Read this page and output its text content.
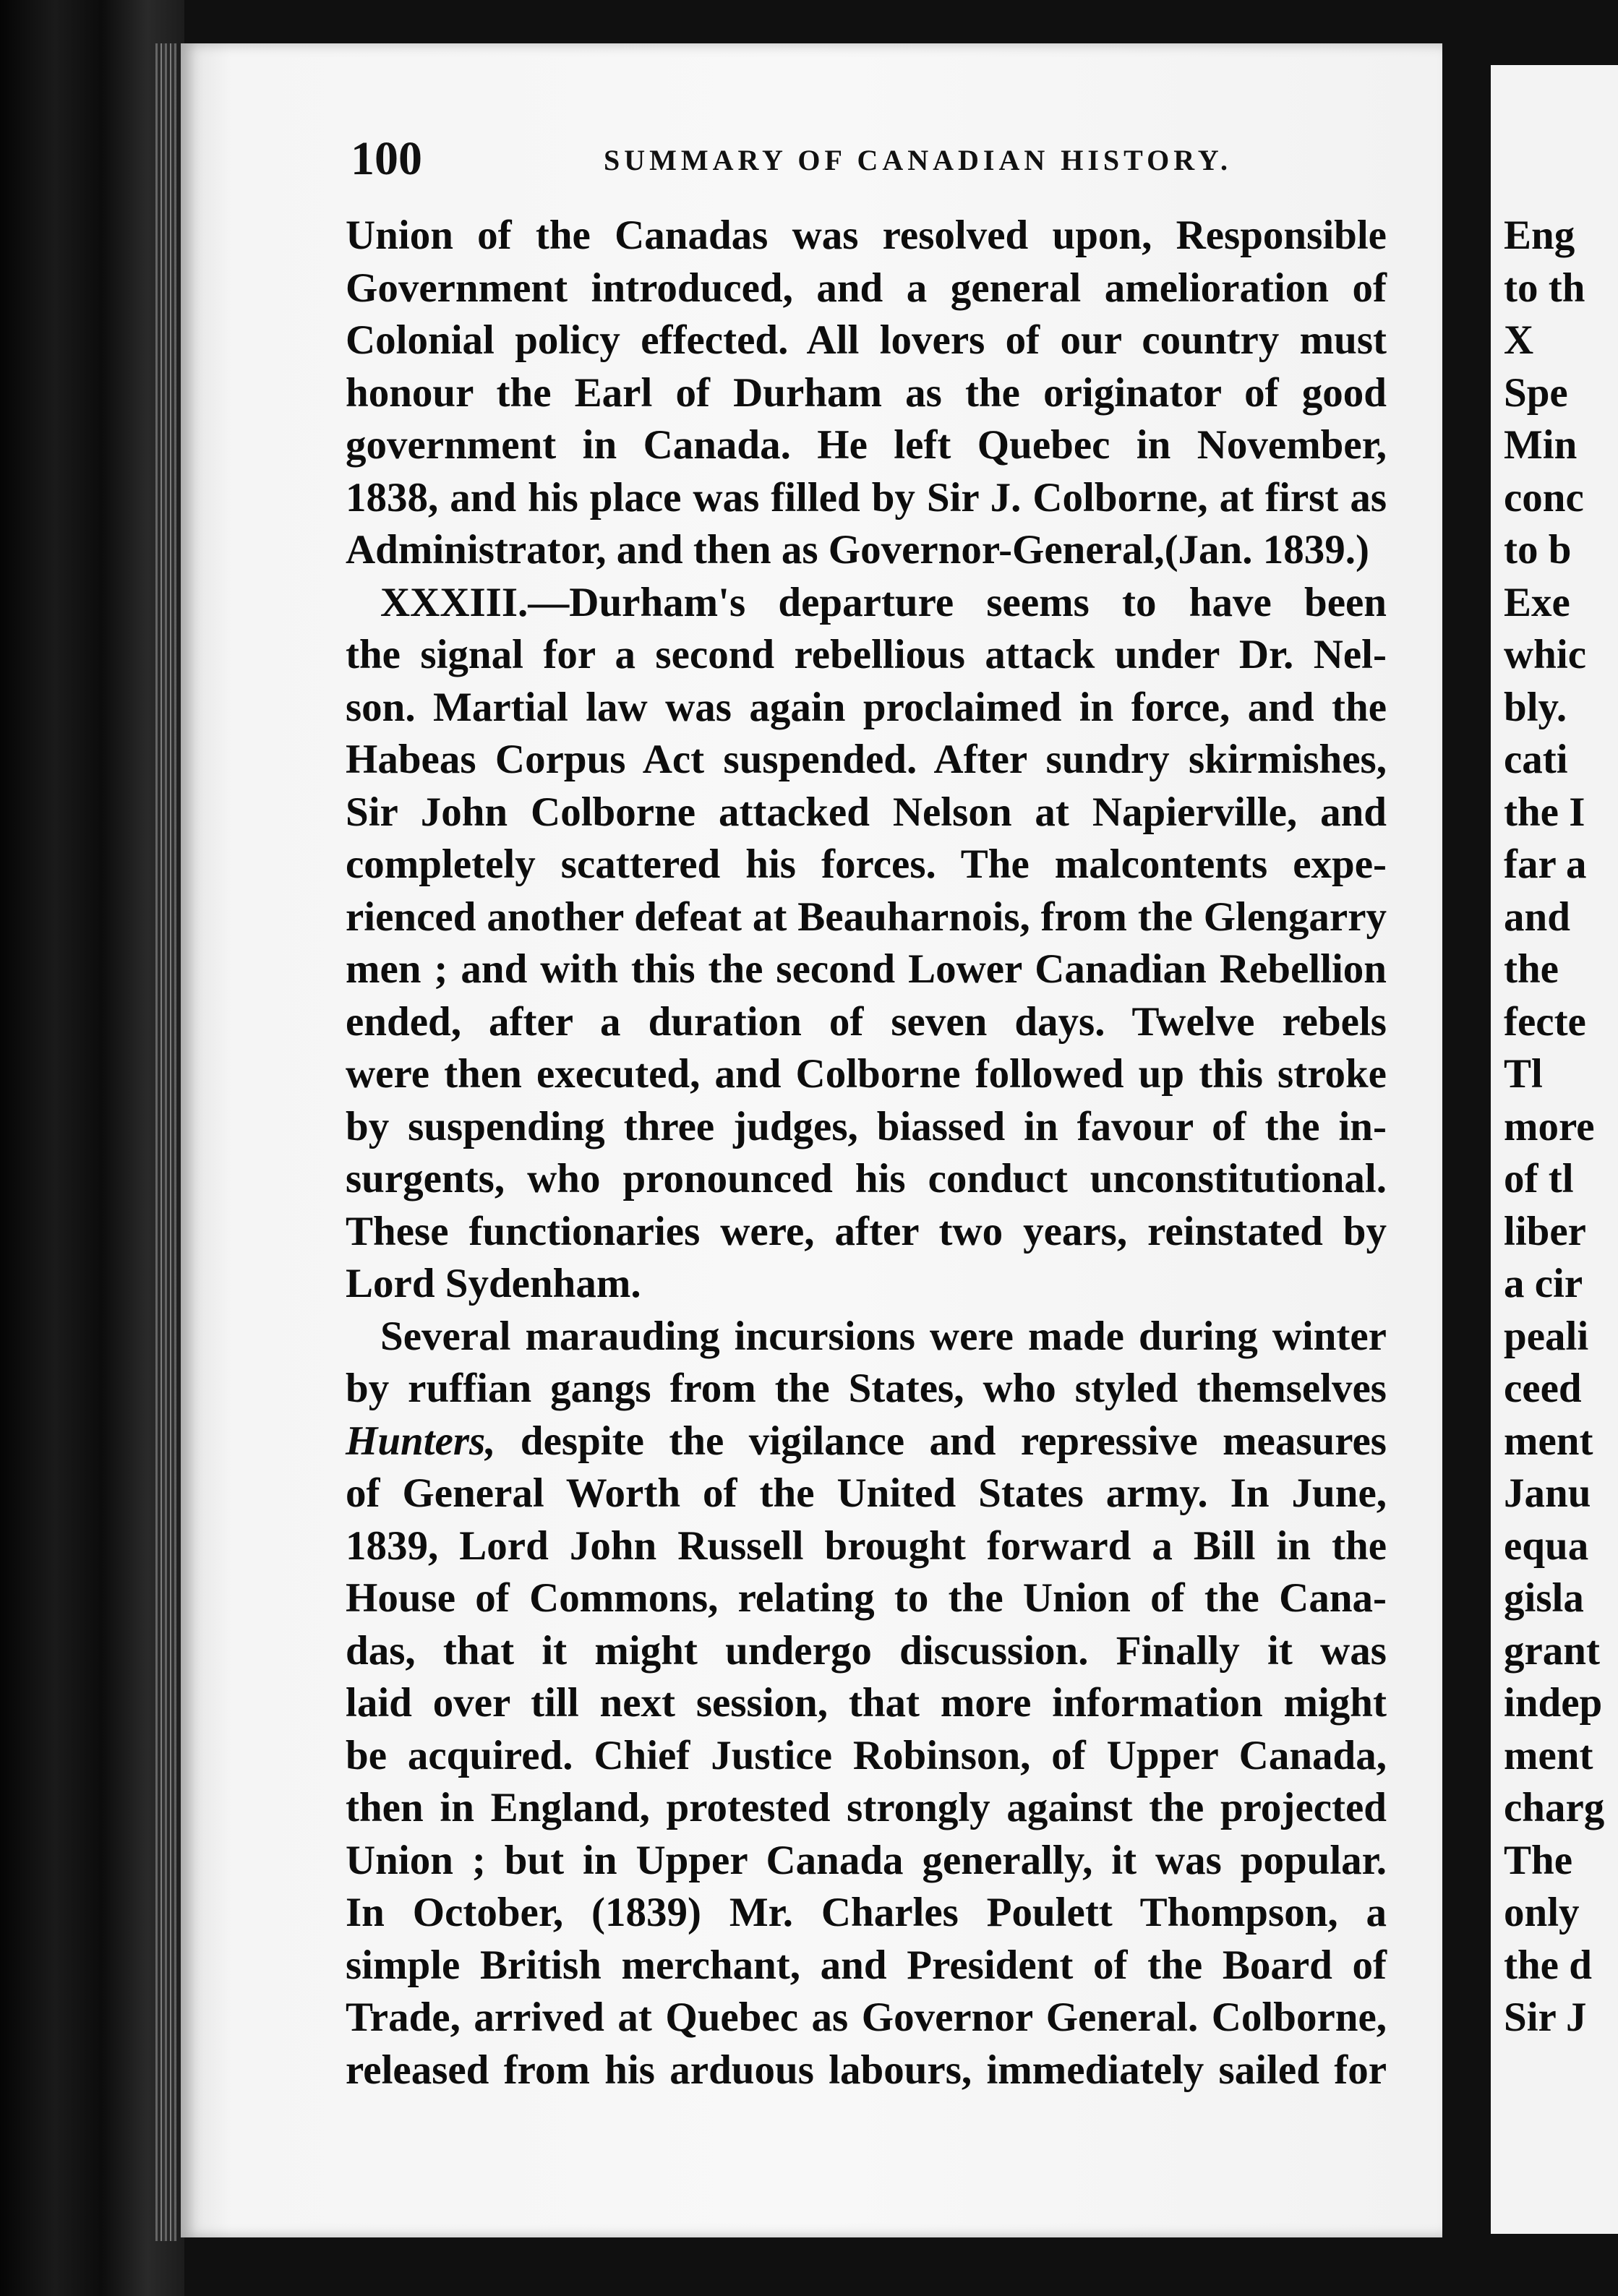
100	SUMMARY OF CANADIAN HISTORY.
Union of the Canadas was resolved upon, Responsible
Government introduced, and a general amelioration of
Colonial policy effected. All lovers of our country must
honour the Earl of Durham as the originator of good
government in Canada. He left Quebec in November,
1838, and his place was filled by Sir J. Colborne, at first as
Administrator, and then as Governor-General,(Jan. 1839.)
XXXIII.—Durham's departure seems to have been
the signal for a second rebellious attack under Dr. Nel-
son. Martial law was again proclaimed in force, and the
Habeas Corpus Act suspended. After sundry skirmishes,
Sir John Colborne attacked Nelson at Napierville, and
completely scattered his forces. The malcontents expe-
rienced another defeat at Beauharnois, from the Glengarry
men ; and with this the second Lower Canadian Rebellion
ended, after a duration of seven days. Twelve rebels
were then executed, and Colborne followed up this stroke
by suspending three judges, biassed in favour of the in-
surgents, who pronounced his conduct unconstitutional.
These functionaries were, after two years, reinstated by
Lord Sydenham.
Several marauding incursions were made during winter
by ruffian gangs from the States, who styled themselves
Hunters, despite the vigilance and repressive measures
of General Worth of the United States army. In June,
1839, Lord John Russell brought forward a Bill in the
House of Commons, relating to the Union of the Cana-
das, that it might undergo discussion. Finally it was
laid over till next session, that more information might
be acquired. Chief Justice Robinson, of Upper Canada,
then in England, protested strongly against the projected
Union ; but in Upper Canada generally, it was popular.
In October, (1839) Mr. Charles Poulett Thompson, a
simple British merchant, and President of the Board of
Trade, arrived at Quebec as Governor General. Colborne,
released from his arduous labours, immediately sailed for
Eng
to th
X
Spe
Min
conc
to b
Exe
whic
bly.
cati
the I
far a
and
the
fecte
Tl
more
of tl
liber
a cir
peali
ceed
ment
Janu
equa
gisla
grant
indep
ment
charg
The
only
the d
Sir J
